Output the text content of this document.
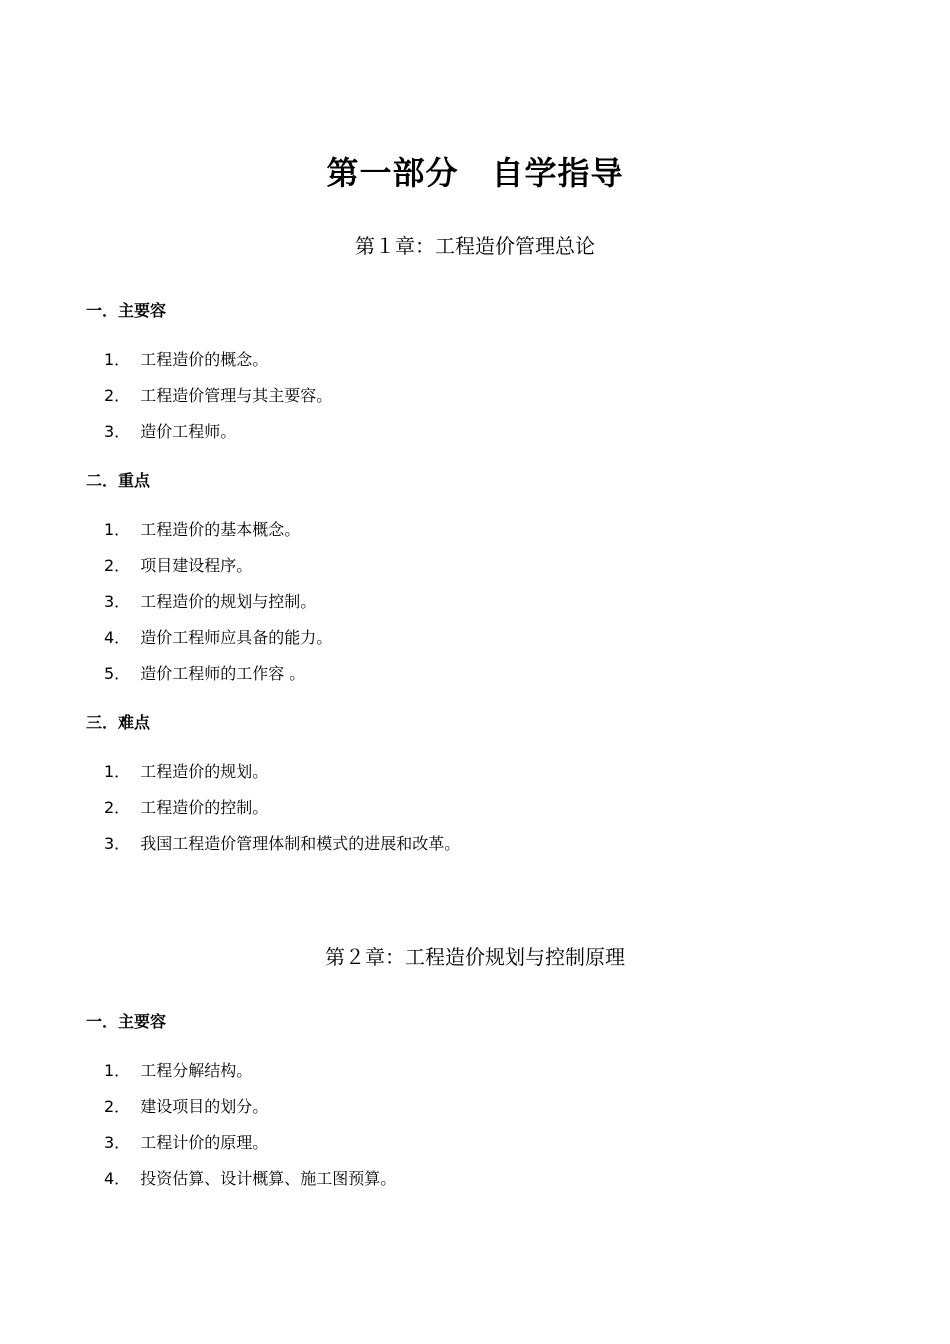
第一部分　自学指导
第１章：工程造价管理总论
一．主要容
1． 工程造价的概念。
2． 工程造价管理与其主要容。
3． 造价工程师。
二．重点
1． 工程造价的基本概念。
2． 项目建设程序。
3． 工程造价的规划与控制。
4． 造价工程师应具备的能力。
5． 造价工程师的工作容 。
三．难点
1． 工程造价的规划。
2． 工程造价的控制。
3． 我国工程造价管理体制和模式的进展和改革。
第２章：工程造价规划与控制原理
一．主要容
1． 工程分解结构。
2． 建设项目的划分。
3． 工程计价的原理。
4． 投资估算、设计概算、施工图预算。
